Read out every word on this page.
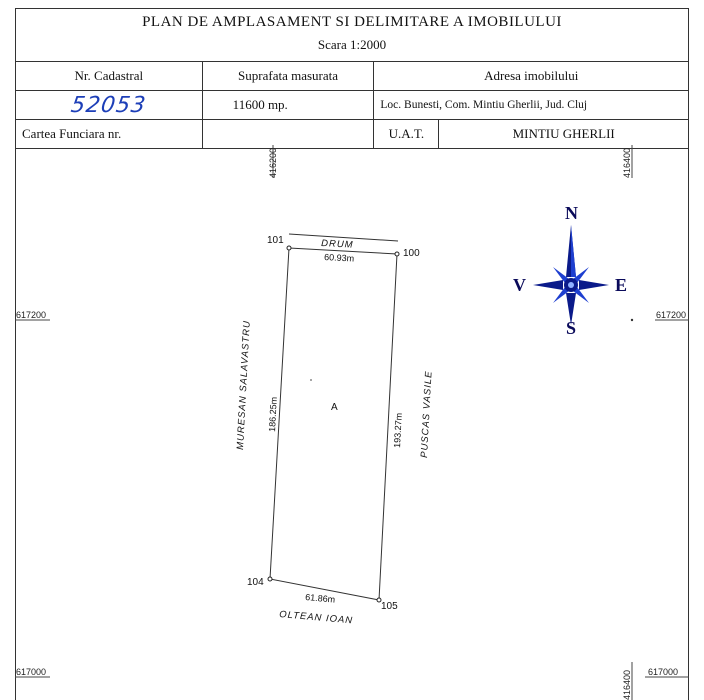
PLAN DE AMPLASAMENT SI DELIMITARE A IMOBILULUI
Scara 1:2000
Nr. Cadastral	Suprafata masurata	Adresa imobilului	
52053	11600 mp.	Loc. Bunesti, Com. Mintiu Gherlii, Jud. Cluj	
Cartea Funciara nr.		U.A.T.	MINTIU GHERLII
416200	416400
416400
617200	617200
617000	617000
101
100
104
105
60.93m
186.25m	193.27m
61.86m
DRUM
MURESAN SALAVASTRU	PUSCAS VASILE
OLTEAN IOAN
A
N
S
E
V
